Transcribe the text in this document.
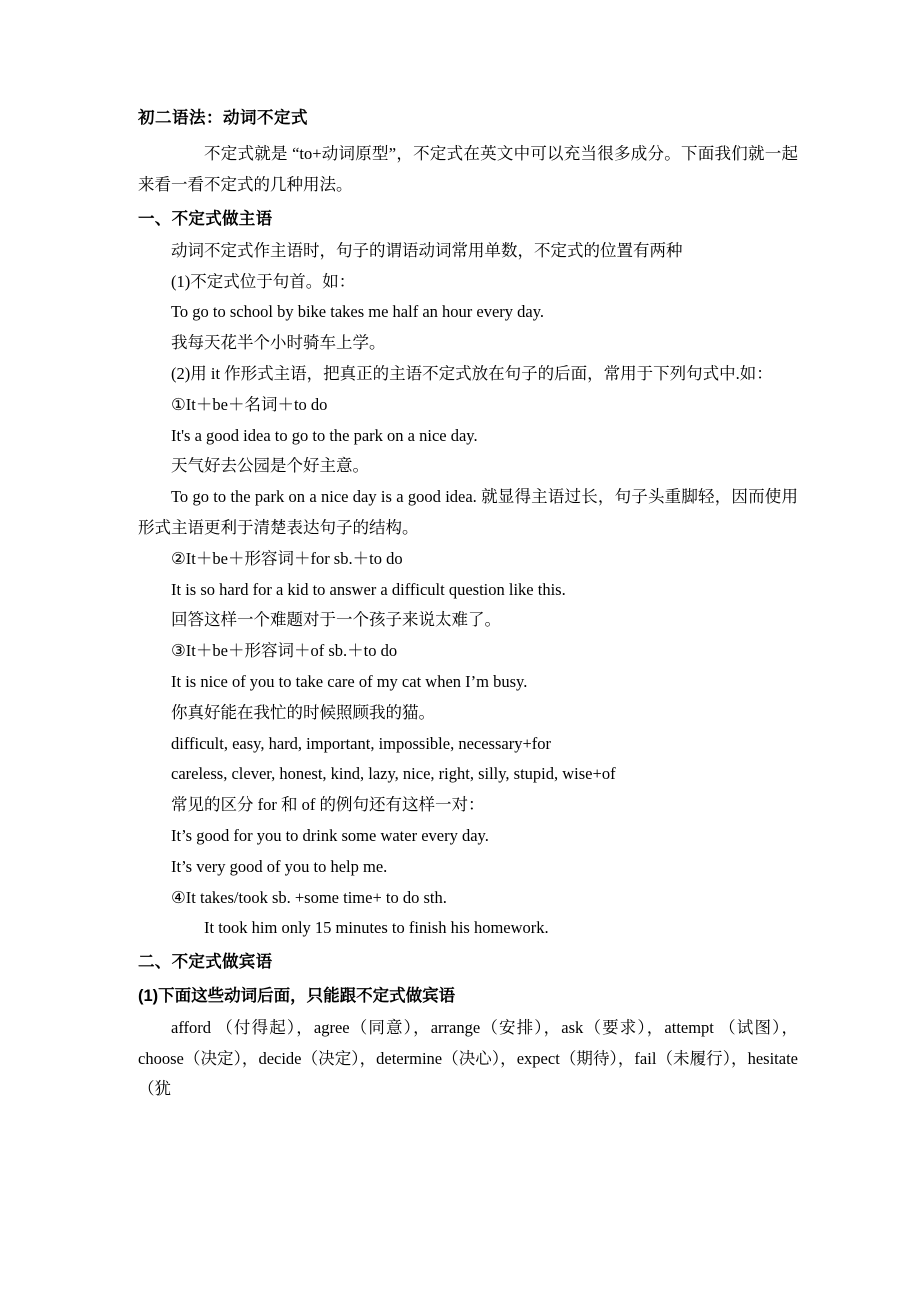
初二语法：动词不定式

不定式就是 “to+动词原型”，不定式在英文中可以充当很多成分。下面我们就一起来看一看不定式的几种用法。

一、不定式做主语

动词不定式作主语时，句子的谓语动词常用单数，不定式的位置有两种

(1)不定式位于句首。如：

To go to school by bike takes me half an hour every day.

我每天花半个小时骑车上学。

(2)用 it 作形式主语，把真正的主语不定式放在句子的后面，常用于下列句式中.如：

①It＋be＋名词＋to do

It's a good idea to go to the park on a nice day.

天气好去公园是个好主意。

To go to the park on a nice day is a good idea. 就显得主语过长，句子头重脚轻，因而使用形式主语更利于清楚表达句子的结构。

②It＋be＋形容词＋for sb.＋to do

It is so hard for a kid to answer a difficult question like this.

回答这样一个难题对于一个孩子来说太难了。

③It＋be＋形容词＋of sb.＋to do

It is nice of you to take care of my cat when I’m busy.

你真好能在我忙的时候照顾我的猫。

difficult, easy, hard, important, impossible, necessary+for

careless, clever, honest, kind, lazy, nice, right, silly, stupid, wise+of

常见的区分 for 和 of 的例句还有这样一对：

It’s good for you to drink some water every day.

It’s very good of you to help me.

④It takes/took sb. +some time+ to do sth.

It took him only 15 minutes to finish his homework.

二、不定式做宾语

(1)下面这些动词后面，只能跟不定式做宾语

afford （付得起），agree（同意），arrange（安排），ask（要求），attempt （试图），choose（决定），decide（决定），determine（决心），expect（期待），fail（未履行），hesitate（犹
